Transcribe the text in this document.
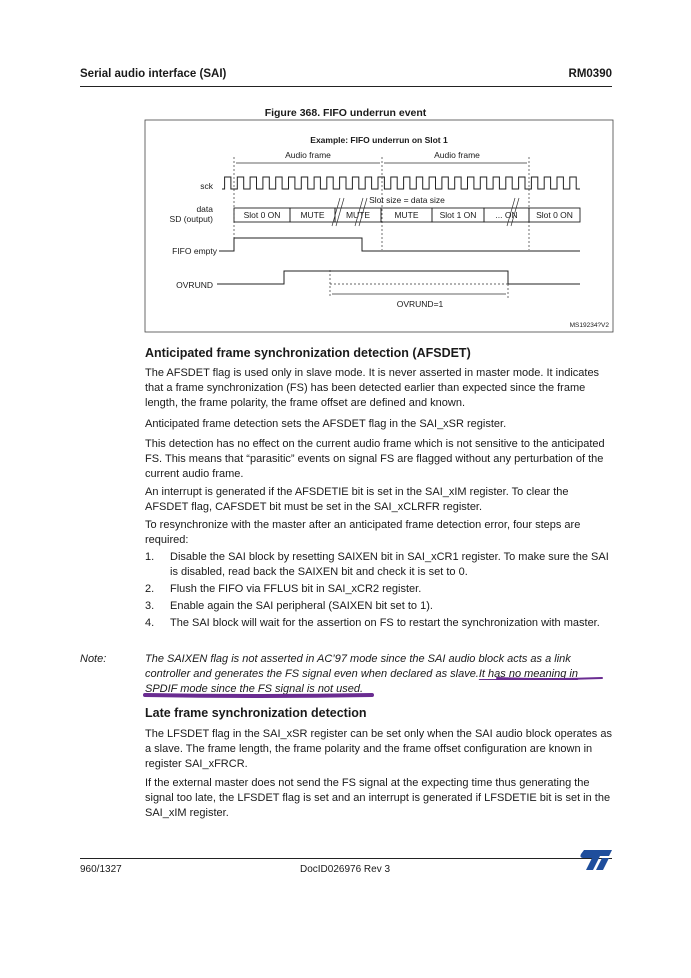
Serial audio interface (SAI)	RM0390
Figure 368. FIFO underrun event
Example: FIFO underrun on Slot 1
Audio frame	Audio frame
sck
Slot size = data size
data
SD (output)	Slot 0 ON MUTE	MUTE	MUTE Slot 1 ON ... ON Slot 0 ON
FIFO empty
OVRUND
OVRUND=1
MS19234?V2
Anticipated frame synchronization detection (AFSDET)

The AFSDET flag is used only in slave mode. It is never asserted in master mode. It indicates that a frame synchronization (FS) has been detected earlier than expected since the frame length, the frame polarity, the frame offset are defined and known.

Anticipated frame detection sets the AFSDET flag in the SAI_xSR register.

This detection has no effect on the current audio frame which is not sensitive to the anticipated FS. This means that “parasitic” events on signal FS are flagged without any perturbation of the current audio frame.

An interrupt is generated if the AFSDETIE bit is set in the SAI_xIM register. To clear the AFSDET flag, CAFSDET bit must be set in the SAI_xCLRFR register.

To resynchronize with the master after an anticipated frame detection error, four steps are required:

1. Disable the SAI block by resetting SAIXEN bit in SAI_xCR1 register. To make sure the SAI is disabled, read back the SAIXEN bit and check it is set to 0.

2. Flush the FIFO via FFLUS bit in SAI_xCR2 register.

3. Enable again the SAI peripheral (SAIXEN bit set to 1).

4. The SAI block will wait for the assertion on FS to restart the synchronization with master.

Note:	The SAIXEN flag is not asserted in AC’97 mode since the SAI audio block acts as a link controller and generates the FS signal even when declared as slave.It has no meaning in SPDIF mode since the FS signal is not used.

Late frame synchronization detection

The LFSDET flag in the SAI_xSR register can be set only when the SAI audio block operates as a slave. The frame length, the frame polarity and the frame offset configuration are known in register SAI_xFRCR.

If the external master does not send the FS signal at the expecting time thus generating the signal too late, the LFSDET flag is set and an interrupt is generated if LFSDETIE bit is set in the SAI_xIM register.

960/1327	DocID026976 Rev 3
